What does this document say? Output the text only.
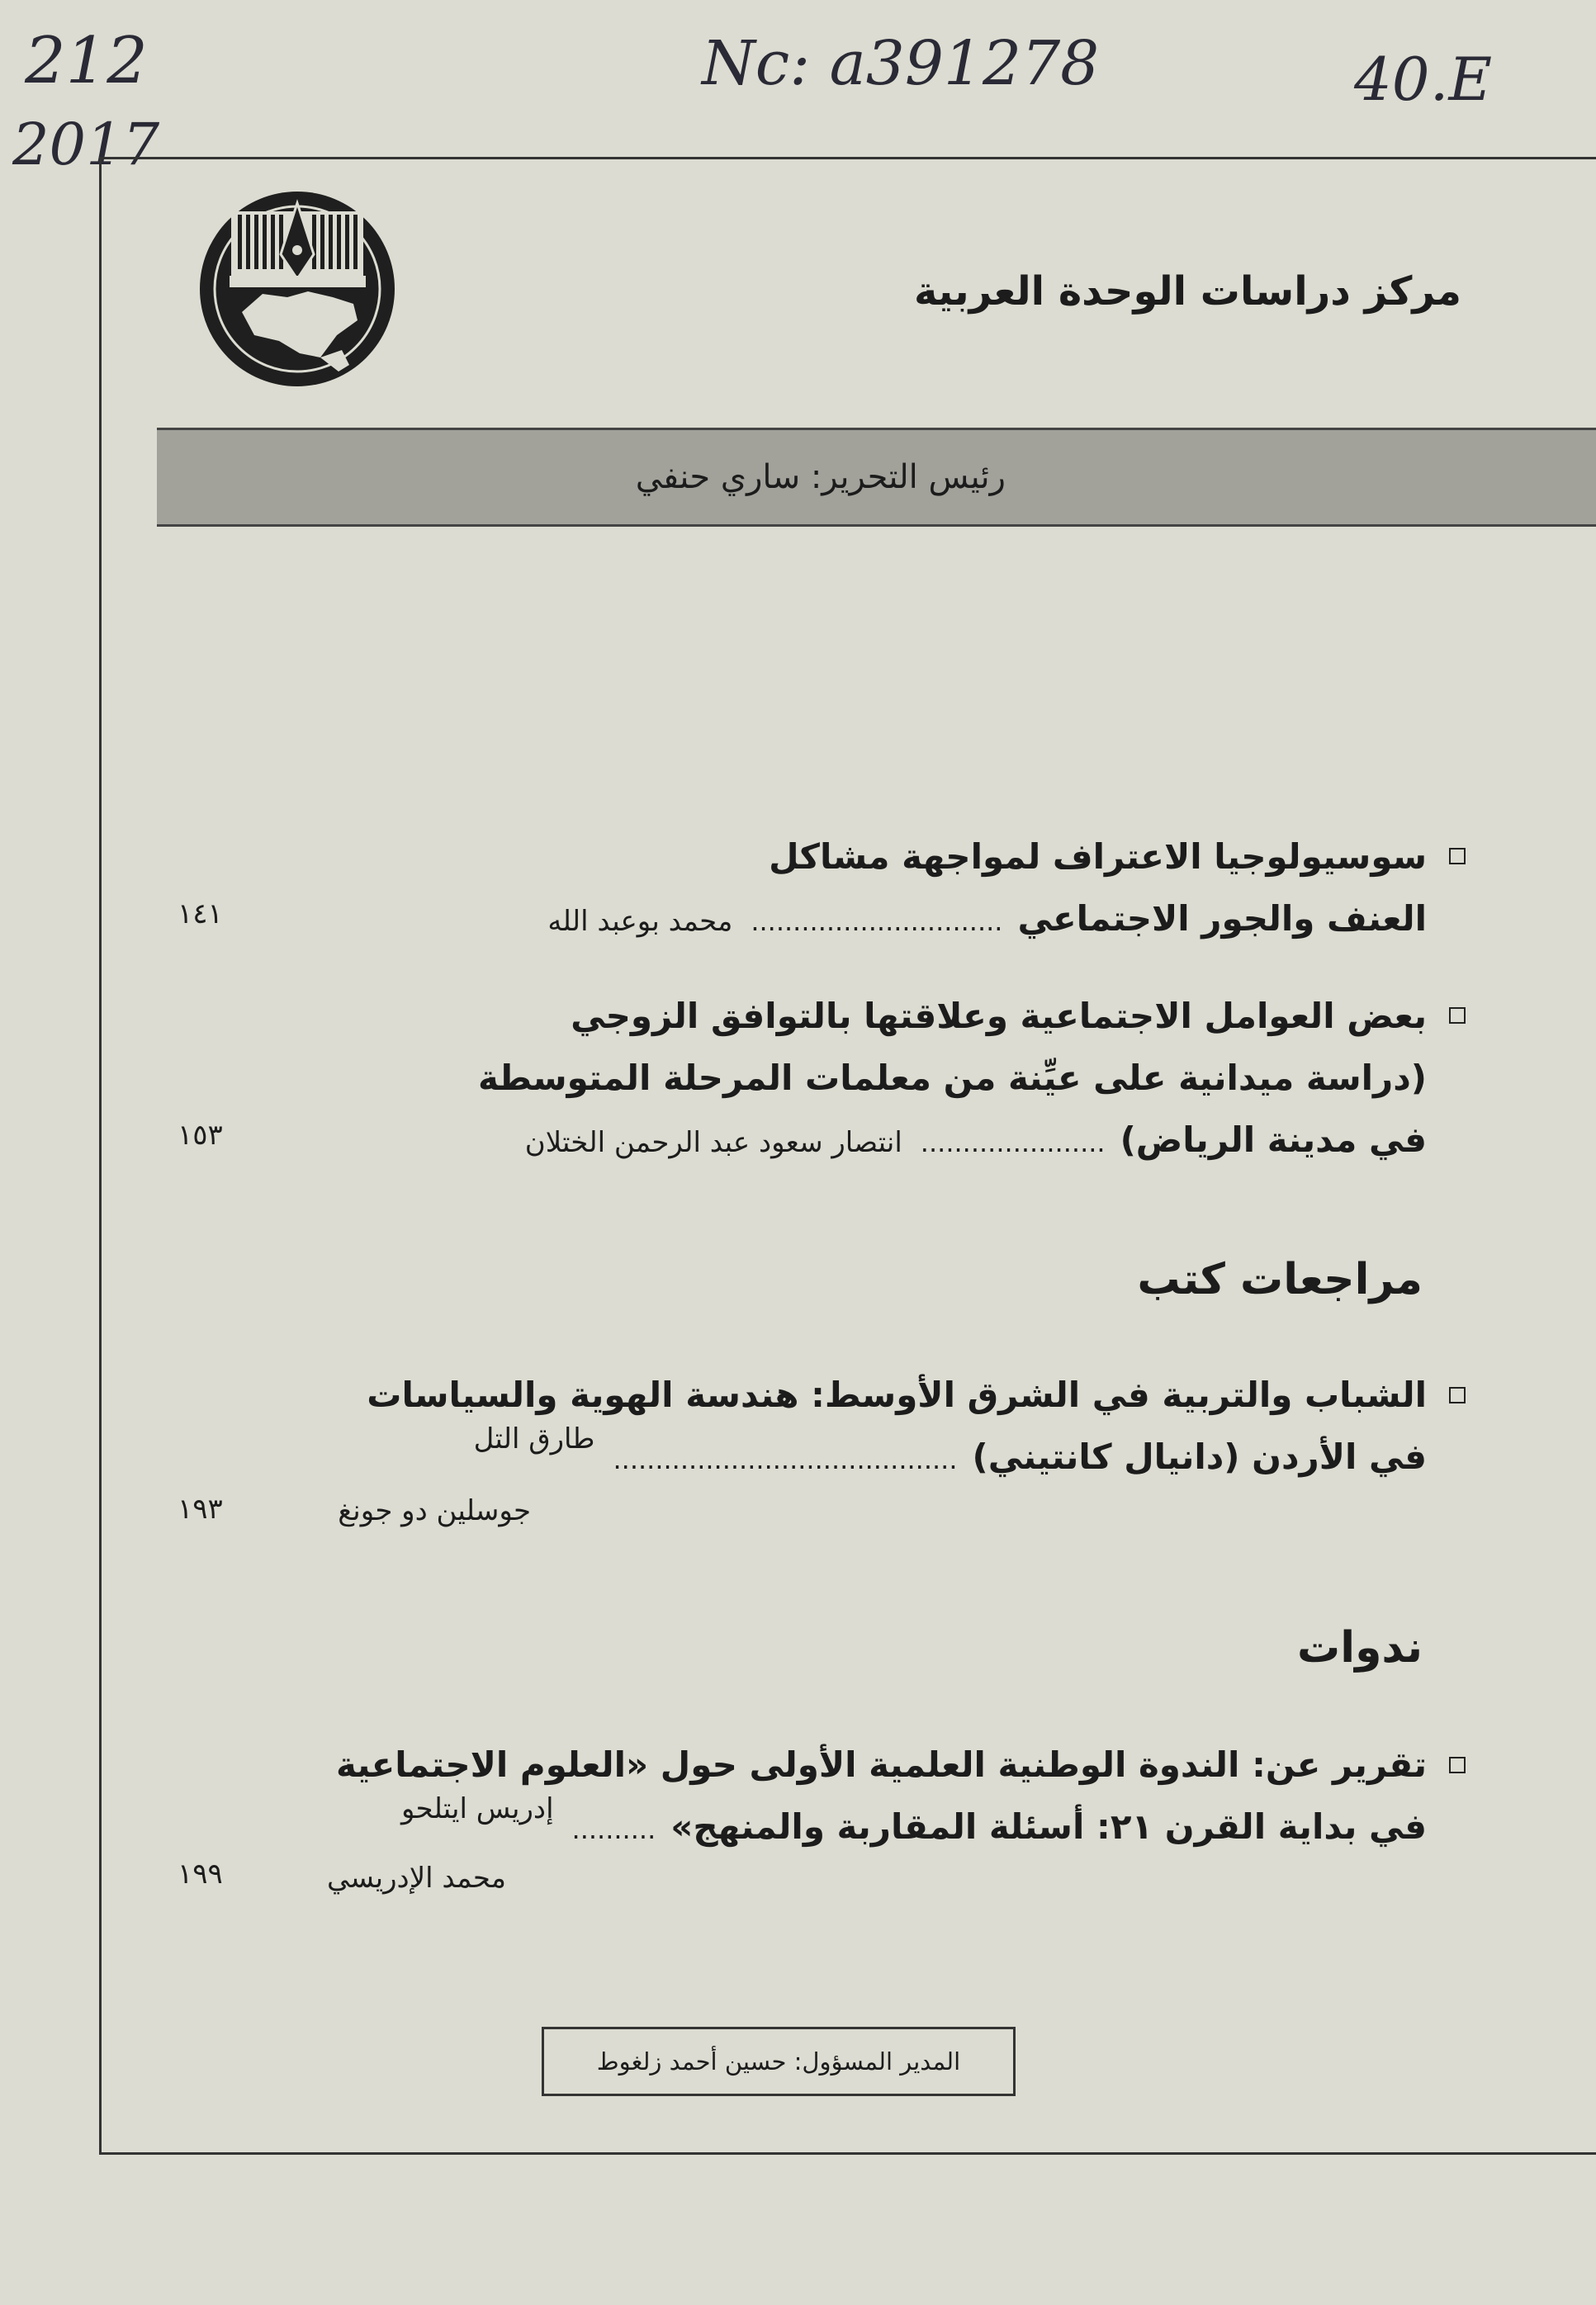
212
2017
Nc: a391278	40.E
مركز دراسات الوحدة العربية
رئيس التحرير: ساري حنفي
سوسيولوجيا الاعتراف لمواجهة مشاكل
العنف والجور الاجتماعي..............................محمد بوعبد الله
١٤١
بعض العوامل الاجتماعية وعلاقتها بالتوافق الزوجي
(دراسة ميدانية على عيِّنة من معلمات المرحلة المتوسطة
في مدينة الرياض)......................انتصار سعود عبد الرحمن الختلان
١٥٣
مراجعات كتب
الشباب والتربية في الشرق الأوسط: هندسة الهوية والسياسات
في الأردن (دانيال كانتيني).........................................$^{طارق التل}$
جوسلين دو جونغ
١٩٣
ندوات
تقرير عن: الندوة الوطنية العلمية الأولى حول «العلوم الاجتماعية
في بداية القرن ٢١: أسئلة المقاربة والمنهج»..........$^{إدريس ايتلحو}$
محمد الإدريسي
١٩٩
المدير المسؤول: حسين أحمد زلغوط
